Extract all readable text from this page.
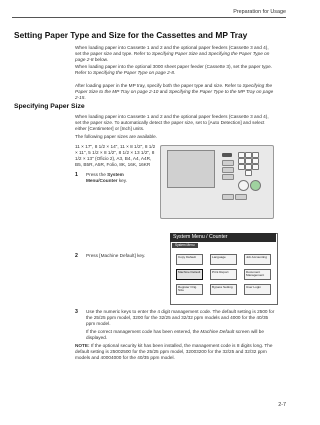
Preparation for Usage
Setting Paper Type and Size for the Cassettes and MP Tray
When loading paper into Cassette 1 and 2 and the optional paper feeders (Cassette 3 and 4), set the paper size and type. Refer to Specifying Paper Size and Specifying the Paper Type on page 2-8 below.
When loading paper into the optional 3000 sheet paper feeder (Cassette 3), set the paper type. Refer to Specifying the Paper Type on page 2-8.
After loading paper in the MP tray, specify both the paper type and size. Refer to Specifying the Paper Size to the MP Tray on page 2-10 and Specifying the Paper Type to the MP Tray on page 2-15.
Specifying Paper Size
When loading paper into Cassette 1 and 2 and the optional paper feeders (Cassette 3 and 4), set the paper size. To automatically detect the paper size, set to [Auto Detection] and select either [Centimeter] or [Inch] units.
The following paper sizes are available.
11 × 17", 8 1/2 × 14", 11 × 8 1/2", 8 1/2 × 11", 5 1/2 × 8 1/2", 8 1/2 × 13 1/2", 8 1/2 × 13" (Oficio 2), A3, B4, A4, A4R, B5, B5R, A5R, Folio, 8K, 16K, 16KR
1 Press the System Menu/Counter key.
2 Press [Machine Default] key.
System Menu / Counter
System Menu
Copy Default	Language	Job Accounting
Machine Default	Print Report	Document Management
Register Orig. Size
Bypass Setting	User Login
3 Use the numeric keys to enter the 4 digit management code. The default setting is 2500 for the 25/25 ppm model, 3200 for the 32/25 and 32/32 ppm models and 4000 for the 40/35 ppm model.
If the correct management code has been entered, the Machine Default screen will be displayed.
NOTE: If the optional security kit has been installed, the management code is 8 digits long. The default setting is 25002500 for the 25/25 ppm model, 32003200 for the 32/25 and 32/32 ppm models and 40004000 for the 40/35 ppm model.
2-7
